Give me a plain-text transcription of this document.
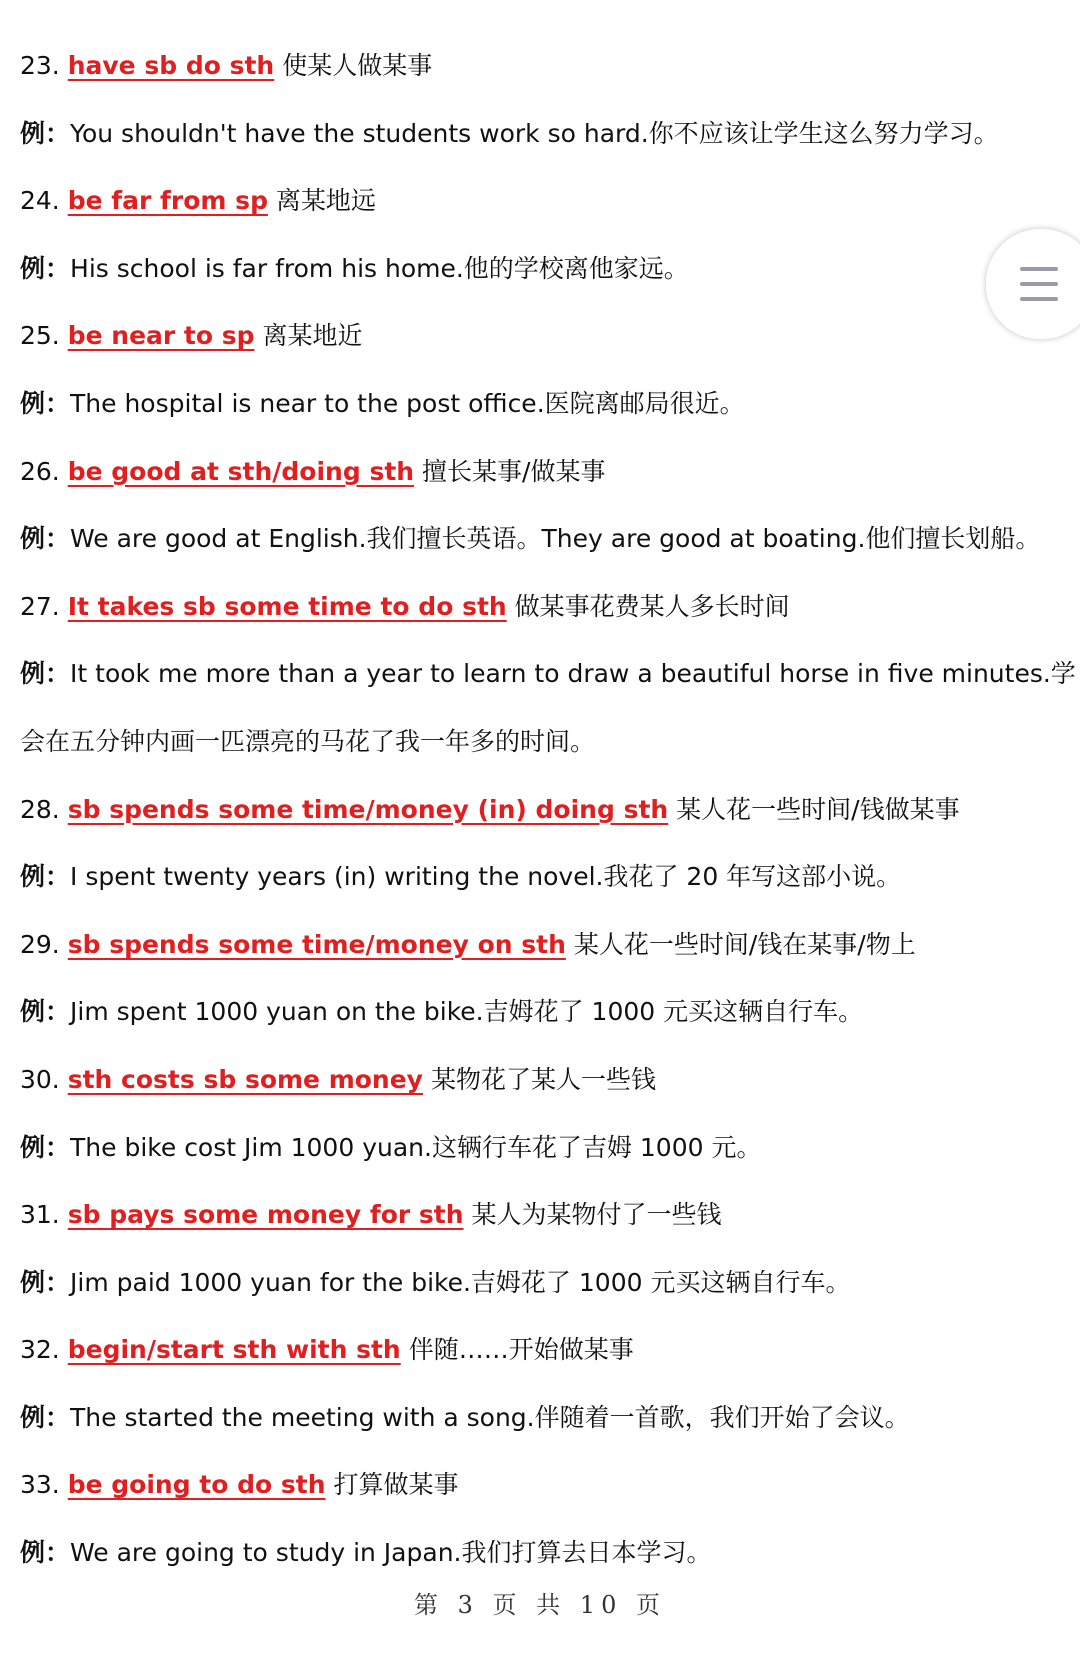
23. have sb do sth 使某人做某事
例：You shouldn't have the students work so hard.你不应该让学生这么努力学习。
24. be far from sp 离某地远
例：His school is far from his home.他的学校离他家远。
25. be near to sp 离某地近
例：The hospital is near to the post office.医院离邮局很近。
26. be good at sth/doing sth 擅长某事/做某事
例：We are good at English.我们擅长英语。They are good at boating.他们擅长划船。
27. It takes sb some time to do sth 做某事花费某人多长时间
例：It took me more than a year to learn to draw a beautiful horse in five minutes.学
会在五分钟内画一匹漂亮的马花了我一年多的时间。
28. sb spends some time/money (in) doing sth 某人花一些时间/钱做某事
例：I spent twenty years (in) writing the novel.我花了 20 年写这部小说。
29. sb spends some time/money on sth 某人花一些时间/钱在某事/物上
例：Jim spent 1000 yuan on the bike.吉姆花了 1000 元买这辆自行车。
30. sth costs sb some money 某物花了某人一些钱
例：The bike cost Jim 1000 yuan.这辆行车花了吉姆 1000 元。
31. sb pays some money for sth 某人为某物付了一些钱
例：Jim paid 1000 yuan for the bike.吉姆花了 1000 元买这辆自行车。
32. begin/start sth with sth 伴随……开始做某事
例：The started the meeting with a song.伴随着一首歌，我们开始了会议。
33. be going to do sth 打算做某事
例：We are going to study in Japan.我们打算去日本学习。
第 3 页 共 10 页
